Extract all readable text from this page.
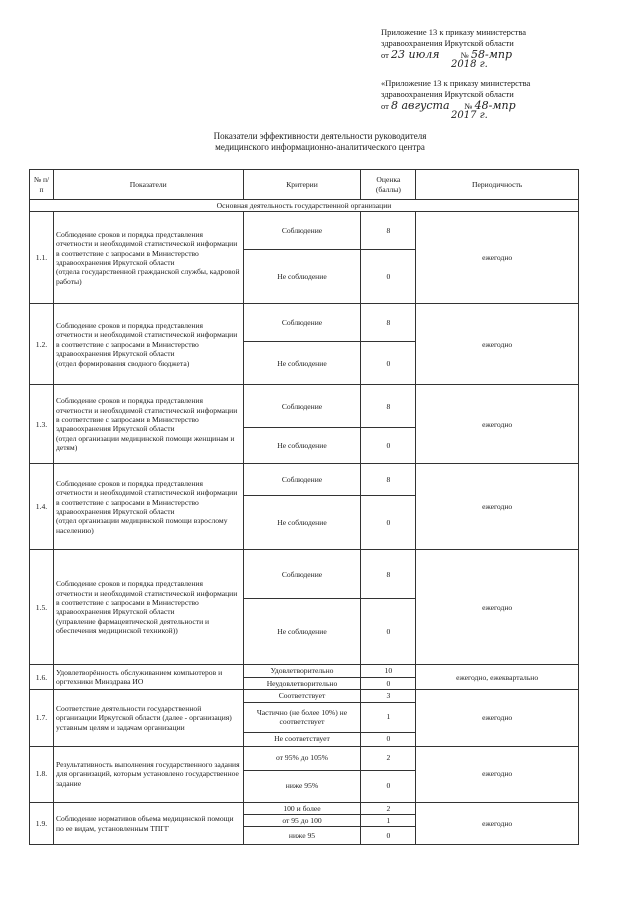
Приложение 13 к приказу министерства
здравоохранения Иркутской области
от 23 июля	№ 58-мпр
2018 г.
«Приложение 13 к приказу министерства
здравоохранения Иркутской области
от 8 августа № 48-мпр
2017 г.
Показатели эффективности деятельности руководителя
медицинского информационно-аналитического центра
№ п/п	Показатели	Критерии	Оценка (баллы)	Периодичность
Основная деятельность государственной организации				
1.1.	Соблюдение сроков и порядка представления отчетности и необходимой статистической информации в соответствие с запросами в Министерство здравоохранения Иркутской области
(отдела государственной гражданской службы, кадровой работы)	Соблюдение	8	ежегодно
		Не соблюдение	0	
1.2.	Соблюдение сроков и порядка представления отчетности и необходимой статистической информации в соответствие с запросами в Министерство здравоохранения Иркутской области
(отдел формирования сводного бюджета)	Соблюдение	8	ежегодно
		Не соблюдение	0	
1.3.	Соблюдение сроков и порядка представления отчетности и необходимой статистической информации в соответствие с запросами в Министерство здравоохранения Иркутской области
(отдел организации медицинской помощи женщинам и детям)	Соблюдение	8	ежегодно
		Не соблюдение	0	
1.4.	Соблюдение сроков и порядка представления отчетности и необходимой статистической информации в соответствие с запросами в Министерство здравоохранения Иркутской области
(отдел организации медицинской помощи взрослому населению)	Соблюдение	8	ежегодно
		Не соблюдение	0	
1.5.	Соблюдение сроков и порядка представления отчетности и необходимой статистической информации в соответствие с запросами в Министерство здравоохранения Иркутской области
(управление фармацевтической деятельности и обеспечения медицинской техникой))	Соблюдение	8	ежегодно
		Не соблюдение	0	
1.6.	Удовлетворённость обслуживанием компьютеров и оргтехники Минздрава ИО	Удовлетворительно	10	ежегодно, ежеквартально
		Неудовлетворительно	0	
1.7.	Соответствие деятельности государственной организации Иркутской области (далее - организация) уставным целям и задачам организации	Соответствует	3	ежегодно
		Частично (не более 10%) не соответствует	1	
		Не соответствует	0	
1.8.	Результативность выполнения государственного задания для организаций, которым установлено государственное задание	от 95% до 105%	2	ежегодно
		ниже 95%	0	
1.9.	Соблюдение нормативов объема медицинской помощи по ее видам, установленным ТПГГ	100 и более	2	ежегодно
		от 95 до 100	1	
		ниже 95	0	
